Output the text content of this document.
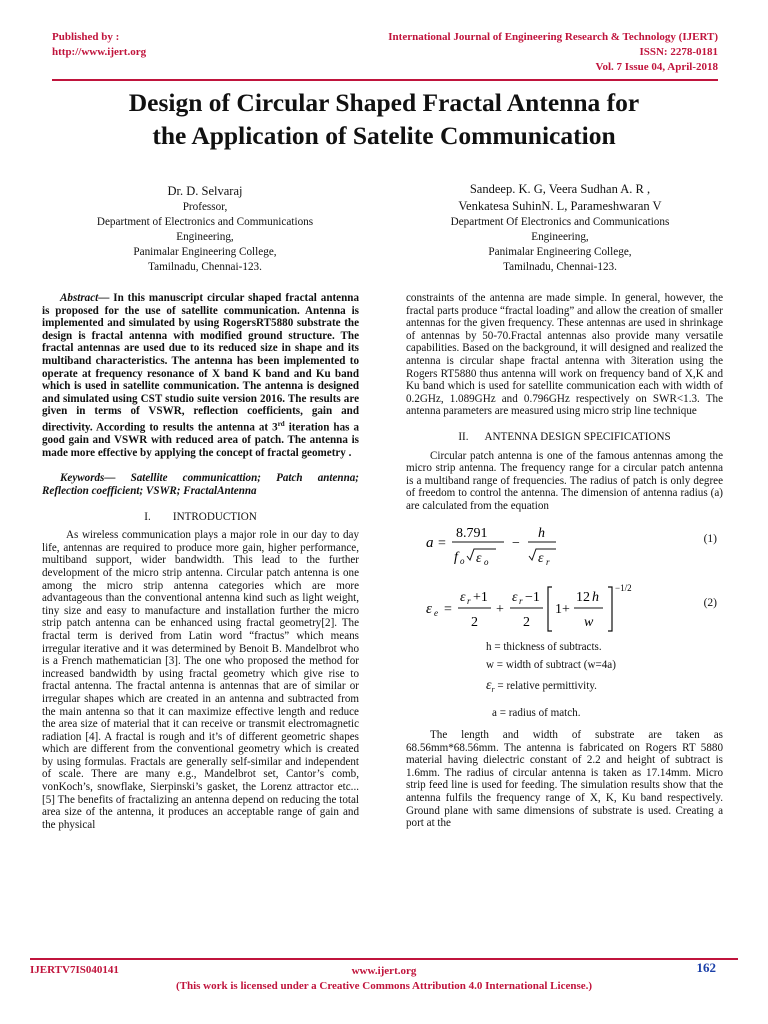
Published by :
http://www.ijert.org
International Journal of Engineering Research & Technology (IJERT)
ISSN: 2278-0181
Vol. 7 Issue 04, April-2018
Design of Circular Shaped Fractal Antenna for
the Application of Satelite Communication
Dr. D. Selvaraj
Professor,
Department of Electronics and Communications
Engineering,
Panimalar Engineering College,
Tamilnadu, Chennai-123.
Sandeep. K. G, Veera Sudhan A. R ,
Venkatesa SuhinN. L, Parameshwaran V
Department Of Electronics and Communications
Engineering,
Panimalar Engineering College,
Tamilnadu, Chennai-123.

Abstract— In this manuscript circular shaped fractal antenna is proposed for the use of satellite communication. Antenna is implemented and simulated by using RogersRT5880 substrate the design is fractal antenna with modified ground structure. The fractal antennas are used due to its reduced size in shape and its multiband characteristics. The antenna has been implemented to operate at frequency resonance of X band K band and Ku band which is used in satellite communication. The antenna is designed and simulated using CST studio suite version 2016. The results are given in terms of VSWR, reflection coefficients, gain and directivity. According to results the antenna at 3rd iteration has a good gain and VSWR with reduced area of patch. The antenna is made more effective by applying the concept of fractal geometry .

Keywords— Satellite communicattion; Patch antenna; Reflection coefficient; VSWR; FractalAntenna

I.        INTRODUCTION

As wireless communication plays a major role in our day to day life, antennas are required to produce more gain, higher performance, multiband support, wider bandwidth. This lead to the further development of the micro strip antenna. Circular patch antenna is one among the micro strip antenna categories which are more advantageous than the conventional antenna kind such as light weight, tiny size and easy to manufacture and installation further the micro strip patch antenna can be enhanced using fractal geometry[2]. The fractal term is derived from Latin word “fractus” which means irregular iterative and it was determined by Benoit B. Mandelbrot who is a French mathematician [3]. The one who proposed the method for increased bandwidth by using fractal geometry which give rise to fractal antenna. The fractal antenna is antennas that are of similar or irregular shapes which are created in an antenna and subtracted from the main antenna so that it can maximize effective length and reduce the area size of material that it can receive or transmit electromagnetic radiation [4]. A fractal is rough and it’s of different geometric shapes which are different from the conventional geometry which is created by using formulas. Fractals are generally self-similar and independent of scale. There are many e.g., Mandelbrot set, Cantor’s comb, vonKoch’s, snowflake, Sierpinski’s gasket, the Lorenz attractor etc...[5] The benefits of fractalizing an antenna depend on reducing the total area size of the antenna, it produces an acceptable range of gain and the physical

constraints of the antenna are made simple. In general, however, the fractal parts produce “fractal loading” and allow the creation of smaller antennas for the given frequency. These antennas are used in shrinkage of antennas by 50-70.Fractal antennas also provide many versatile capabilities. Based on the background, it will designed and realized the antenna is circular shape fractal antenna with 3iteration using the Rogers RT5880 thus antenna will work on frequency band of X,K and Ku band which is used for satellite communication each with width of 0.2GHz, 1.089GHz and 0.796GHz respectively on SWR<1.3. The antenna parameters are measured using micro strip line technique

II.      ANTENNA DESIGN SPECIFICATIONS

Circular patch antenna is one of the famous antennas among the micro strip antenna. The frequency range for a circular patch antenna is a multiband range of frequencies. The radius of patch is only degree of freedom to control the antenna. The dimension of antenna radius (a) are calculated from the equation

a =
8.791
f o ε o
−
h
ε r
(1)
ε e =
ε r +1
2
+
ε r −1
2
1+
12 h
w
−1/2
(2)

h = thickness of subtracts.

w = width of subtract (w=4a)

$\varepsilon_r$ = relative permittivity.

a = radius of match.

The length and width of substrate are taken as 68.56mm*68.56mm. The antenna is fabricated on Rogers RT 5880 material having dielectric constant of 2.2 and height of subtract is 1.6mm. The radius of circular antenna is taken as 17.14mm. Micro strip feed line is used for feeding. The simulation results show that the antenna fulfils the frequency range of X, K, Ku band respectively. Ground plane with same dimensions of substrate is used. Creating a port at the

IJERTV7IS040141	www.ijert.org
(This work is licensed under a Creative Commons Attribution 4.0 International License.)
162
